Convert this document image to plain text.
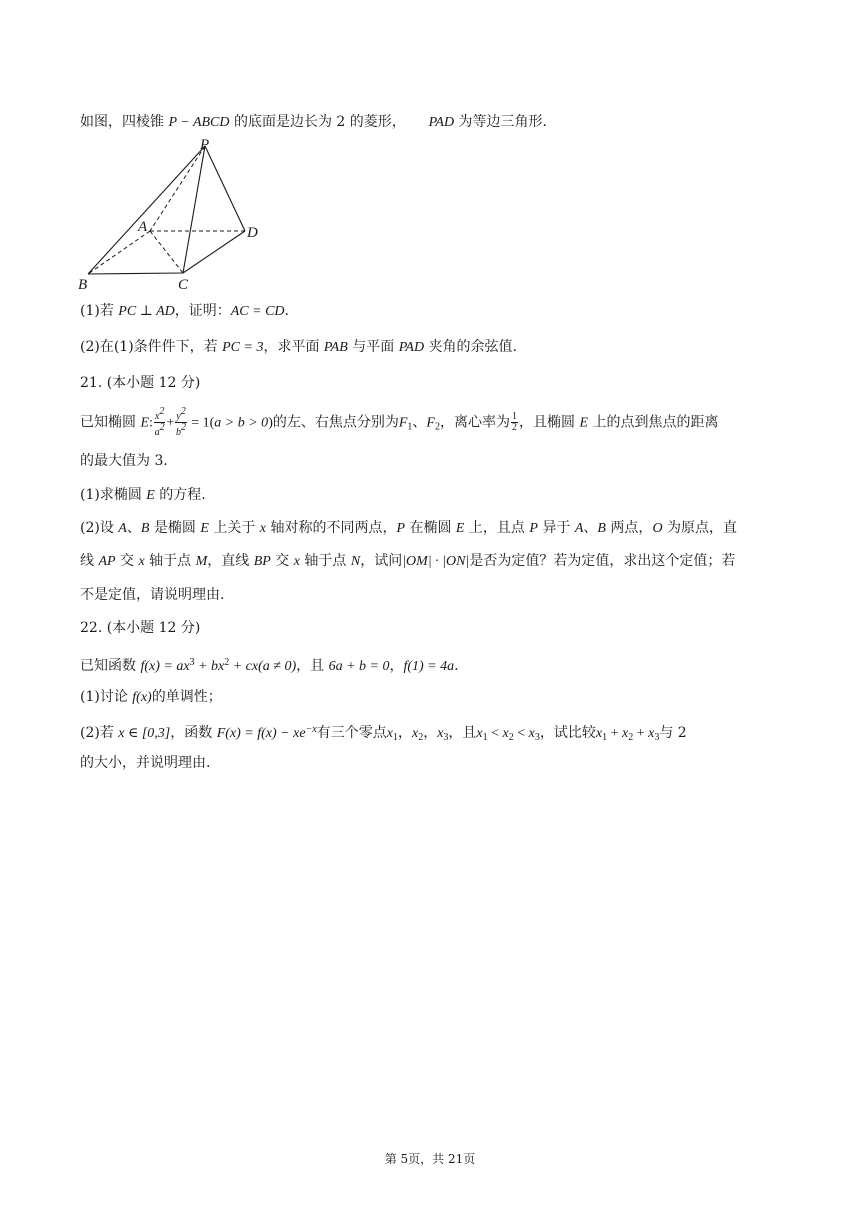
如图，四棱锥 P − ABCD 的底面是边长为 2 的菱形， PAD 为等边三角形.
P
A	D
B	C
(1)若 PC ⊥ AD，证明：AC = CD.
(2)在(1)条件件下，若 PC = 3，求平面 PAB 与平面 PAD 夹角的余弦值.
21. (本小题 12 分)
已知椭圆 E: $\frac{x2}{a2} + \frac{y2}{b2} = 1(a > b > 0)$的左、右焦点分别为$F_1$、$F_2$，离心率为 $\frac{1}{2}$ ，且椭圆 E 上的点到焦点的距离
的最大值为 3.
(1)求椭圆 E 的方程.
(2)设 A、B 是椭圆 E 上关于 x 轴对称的不同两点，P 在椭圆 E 上，且点 P 异于 A、B 两点，O 为原点，直
线 AP 交 x 轴于点 M，直线 BP 交 x 轴于点 N，试问|OM| · |ON|是否为定值？若为定值，求出这个定值；若
不是定值，请说明理由.
22. (本小题 12 分)
已知函数 $f(x) = ax^3 + bx^2 + cx(a \ne 0)$，且 6a + b = 0，f(1) = 4a.
(1)讨论 f(x)的单调性；
(2)若 x ∈ [0,3]，函数 $F(x) = f(x) - xe^{-x}$有三个零点$x_1$，$x_2$，$x_3$，且$x_1 < x_2 < x_3$，试比较$x_1 + x_2 + x_3$与 2
的大小，并说明理由.
第 5页，共 21页
